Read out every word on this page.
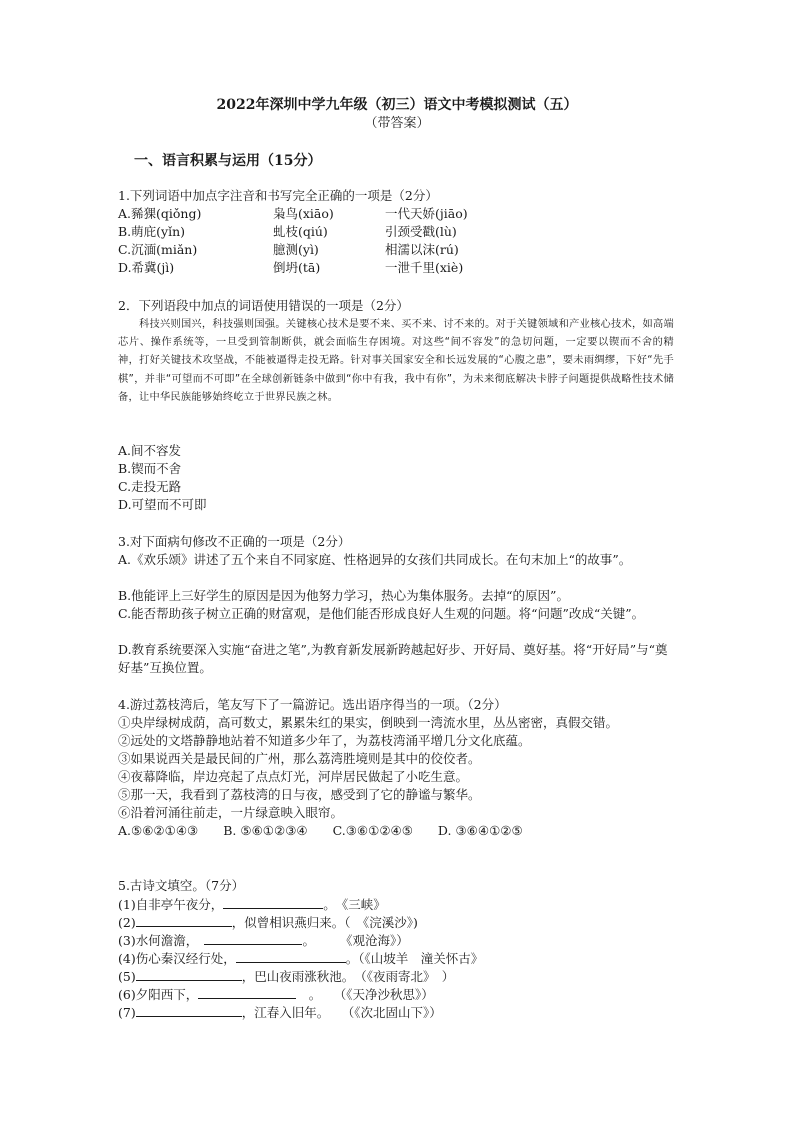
2022年深圳中学九年级（初三）语文中考模拟测试（五）
（带答案）
一、语言积累与运用（15分）
1.下列词语中加点字注音和书写完全正确的一项是（2分）
A.豨猓(qiǒng)	枭鸟(xiāo)	一代天娇(jiāo)
B.萌庇(yǐn)	虬枝(qiú)	引颈受戳(lù)
C.沉湎(miǎn)	臆测(yì)	相濡以沫(rú)
D.希冀(jì)	倒坍(tā)	一泄千里(xiè)
2．下列语段中加点的词语使用错误的一项是（2分）

　　科技兴则国兴，科技强则国强。关键核心技术是要不来、买不来、讨不来的。对于关键领域和产业核心技术，如高端芯片、操作系统等，一旦受到管制断供，就会面临生存困境。对这些“间不容发”的急切问题，一定要以锲而不舍的精神，打好关键技术攻坚战，不能被逼得走投无路。针对事关国家安全和长远发展的“心腹之患”，要未雨绸缪，下好“先手棋”，并非“可望而不可即”在全球创新链条中做到“你中有我，我中有你”，为未来彻底解决卡脖子问题提供战略性技术储备，让中华民族能够始终屹立于世界民族之林。

A.间不容发
B.锲而不舍
C.走投无路
D.可望而不可即
3.对下面病句修改不正确的一项是（2分）
A.《欢乐颂》讲述了五个来自不同家庭、性格迥异的女孩们共同成长。在句末加上“的故事”。
B.他能评上三好学生的原因是因为他努力学习，热心为集体服务。去掉“的原因”。
C.能否帮助孩子树立正确的财富观，是他们能否形成良好人生观的问题。将“问题”改成“关键”。
D.教育系统要深入实施“奋进之笔”,为教育新发展新跨越起好步、开好局、奠好基。将“开好局”与“奠好基”互换位置。
4.游过荔枝湾后，笔友写下了一篇游记。选出语序得当的一项。（2分）
①央岸绿树成荫，高可数丈，累累朱红的果实，倒映到一湾流水里，丛丛密密，真假交错。
②远处的文塔静静地站着不知道多少年了，为荔枝湾涌平增几分文化底蕴。
③如果说西关是最民间的广州，那么荔湾胜境则是其中的佼佼者。
④夜幕降临，岸边亮起了点点灯光，河岸居民做起了小吃生意。
⑤那一天，我看到了荔枝湾的日与夜，感受到了它的静谧与繁华。
⑥沿着河涌往前走，一片绿意映入眼帘。
A.⑤⑥②①④③　　B. ⑤⑥①②③④　　C.③⑥①②④⑤　　D. ③⑥④①②⑤
5.古诗文填空。（7分）
(1)自非亭午夜分，	。　《三峡》
(2)	，似曾相识燕归来。（　《浣溪沙》)
(3)水何澹澹，　	。　　　《观沧海》）
(4)伤心秦汉经行处，	。（《山坡羊　潼关怀古》
(5)	，巴山夜雨涨秋池。　（《夜雨寄北》　）
(6)夕阳西下，	　。　　（《天净沙秋思》）
(7)	，江春入旧年。　　（《次北固山下》）
